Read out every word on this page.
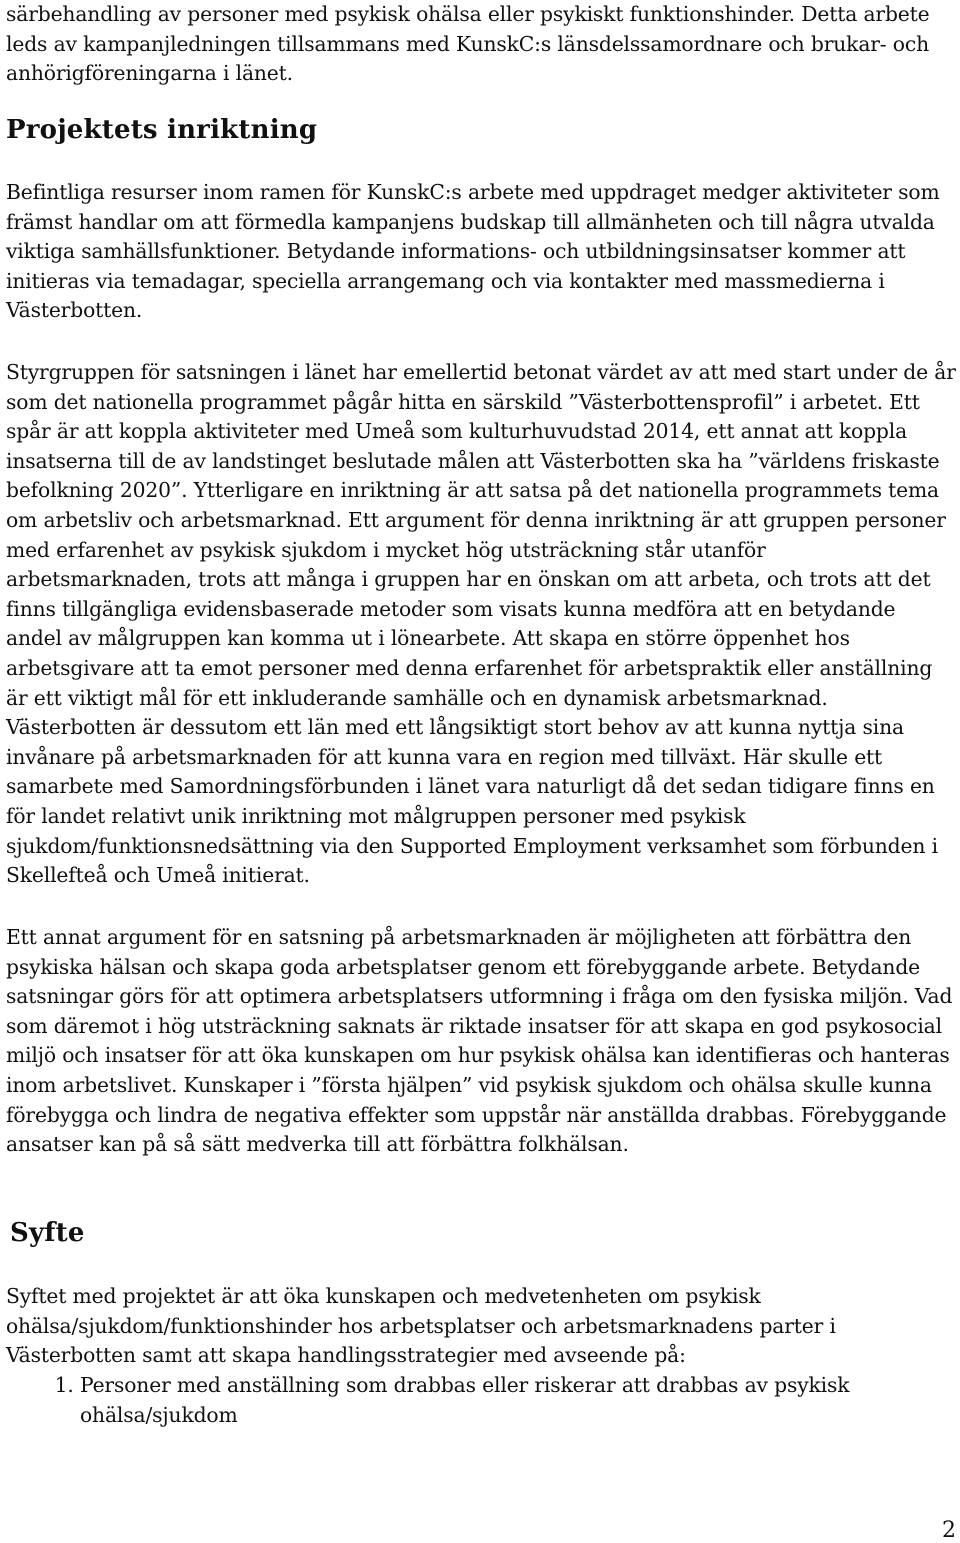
särbehandling av personer med psykisk ohälsa eller psykiskt funktionshinder. Detta arbete leds av kampanjledningen tillsammans med KunskC:s länsdelssamordnare och brukar- och anhörigföreningarna i länet.

Projektets inriktning

Befintliga resurser inom ramen för KunskC:s arbete med uppdraget medger aktiviteter som främst handlar om att förmedla kampanjens budskap till allmänheten och till några utvalda viktiga samhällsfunktioner. Betydande informations- och utbildningsinsatser kommer att initieras via temadagar, speciella arrangemang och via kontakter med massmedierna i Västerbotten.

Styrgruppen för satsningen i länet har emellertid betonat värdet av att med start under de år som det nationella programmet pågår hitta en särskild ”Västerbottensprofil” i arbetet. Ett spår är att koppla aktiviteter med Umeå som kulturhuvudstad 2014, ett annat att koppla insatserna till de av landstinget beslutade målen att Västerbotten ska ha ”världens friskaste befolkning 2020”. Ytterligare en inriktning är att satsa på det nationella programmets tema om arbetsliv och arbetsmarknad. Ett argument för denna inriktning är att gruppen personer med erfarenhet av psykisk sjukdom i mycket hög utsträckning står utanför arbetsmarknaden, trots att många i gruppen har en önskan om att arbeta, och trots att det finns tillgängliga evidensbaserade metoder som visats kunna medföra att en betydande andel av målgruppen kan komma ut i lönearbete. Att skapa en större öppenhet hos arbetsgivare att ta emot personer med denna erfarenhet för arbetspraktik eller anställning är ett viktigt mål för ett inkluderande samhälle och en dynamisk arbetsmarknad. Västerbotten är dessutom ett län med ett långsiktigt stort behov av att kunna nyttja sina invånare på arbetsmarknaden för att kunna vara en region med tillväxt. Här skulle ett samarbete med Samordningsförbunden i länet vara naturligt då det sedan tidigare finns en för landet relativt unik inriktning mot målgruppen personer med psykisk sjukdom/funktionsnedsättning via den Supported Employment verksamhet som förbunden i Skellefteå och Umeå initierat.

Ett annat argument för en satsning på arbetsmarknaden är möjligheten att förbättra den psykiska hälsan och skapa goda arbetsplatser genom ett förebyggande arbete. Betydande satsningar görs för att optimera arbetsplatsers utformning i fråga om den fysiska miljön. Vad som däremot i hög utsträckning saknats är riktade insatser för att skapa en god psykosocial miljö och insatser för att öka kunskapen om hur psykisk ohälsa kan identifieras och hanteras inom arbetslivet. Kunskaper i ”första hjälpen” vid psykisk sjukdom och ohälsa skulle kunna förebygga och lindra de negativa effekter som uppstår när anställda drabbas. Förebyggande ansatser kan på så sätt medverka till att förbättra folkhälsan.

Syfte

Syftet med projektet är att öka kunskapen och medvetenheten om psykisk ohälsa/sjukdom/funktionshinder hos arbetsplatser och arbetsmarknadens parter i Västerbotten samt att skapa handlingsstrategier med avseende på:

1. Personer med anställning som drabbas eller riskerar att drabbas av psykisk ohälsa/sjukdom
2
